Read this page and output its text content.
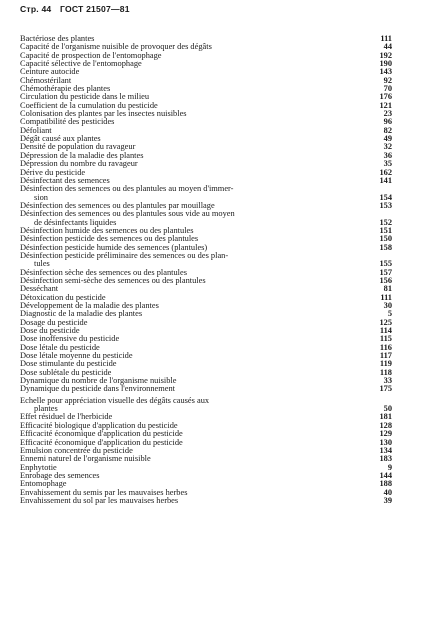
Стр. 44 ГОСТ 21507—81
Bactériose des plantes	111
Capacité de l'organisme nuisible de provoquer des dégâts	44
Capacité de prospection de l'entomophage	192
Capacité sélective de l'entomophage	190
Ceinture autocide	143
Chémostérilant	92
Chémothérapie des plantes	70
Circulation du pesticide dans le milieu	176
Coefficient de la cumulation du pesticide	121
Colonisation des plantes par les insectes nuisibles	23
Compatibilité des pesticides	96
Défoliant	82
Dégât causé aux plantes	49
Densité de population du ravageur	32
Dépression de la maladie des plantes	36
Dépression du nombre du ravageur	35
Dérive du pesticide	162
Désinfectant des semences	141
Désinfection des semences ou des plantules au moyen d'immer-
sion	154
Désinfection des semences ou des plantules par mouillage	153
Désinfection des semences ou des plantules sous vide au moyen
de désinfectants liquides	152
Désinfection humide des semences ou des plantules	151
Désinfection pesticide des semences ou des plantules	150
Désinfection pesticide humide des semences (plantules)	158
Désinfection pesticide préliminaire des semences ou des plan-
tules	155
Désinfection sèche des semences ou des plantules	157
Désinfection semi-sèche des semences ou des plantules	156
Desséchant	81
Détoxication du pesticide	111
Développement de la maladie des plantes	30
Diagnostic de la maladie des plantes	5
Dosage du pesticide	125
Dose du pesticide	114
Dose inoffensive du pesticide	115
Dose létale du pesticide	116
Dose létale moyenne du pesticide	117
Dose stimulante du pesticide	119
Dose sublétale du pesticide	118
Dynamique du nombre de l'organisme nuisible	33
Dynamique du pesticide dans l'environnement	175
Échelle pour appréciation visuelle des dégâts causés aux
plantes	50
Effet résiduel de l'herbicide	181
Efficacité biologique d'application du pesticide	128
Efficacité économique d'application du pesticide	129
Efficacité économique d'application du pesticide	130
Émulsion concentrée du pesticide	134
Ennemi naturel de l'organisme nuisible	183
Enphytotie	9
Enrobage des semences	144
Entomophage	188
Envahissement du semis par les mauvaises herbes	40
Envahissement du sol par les mauvaises herbes	39
